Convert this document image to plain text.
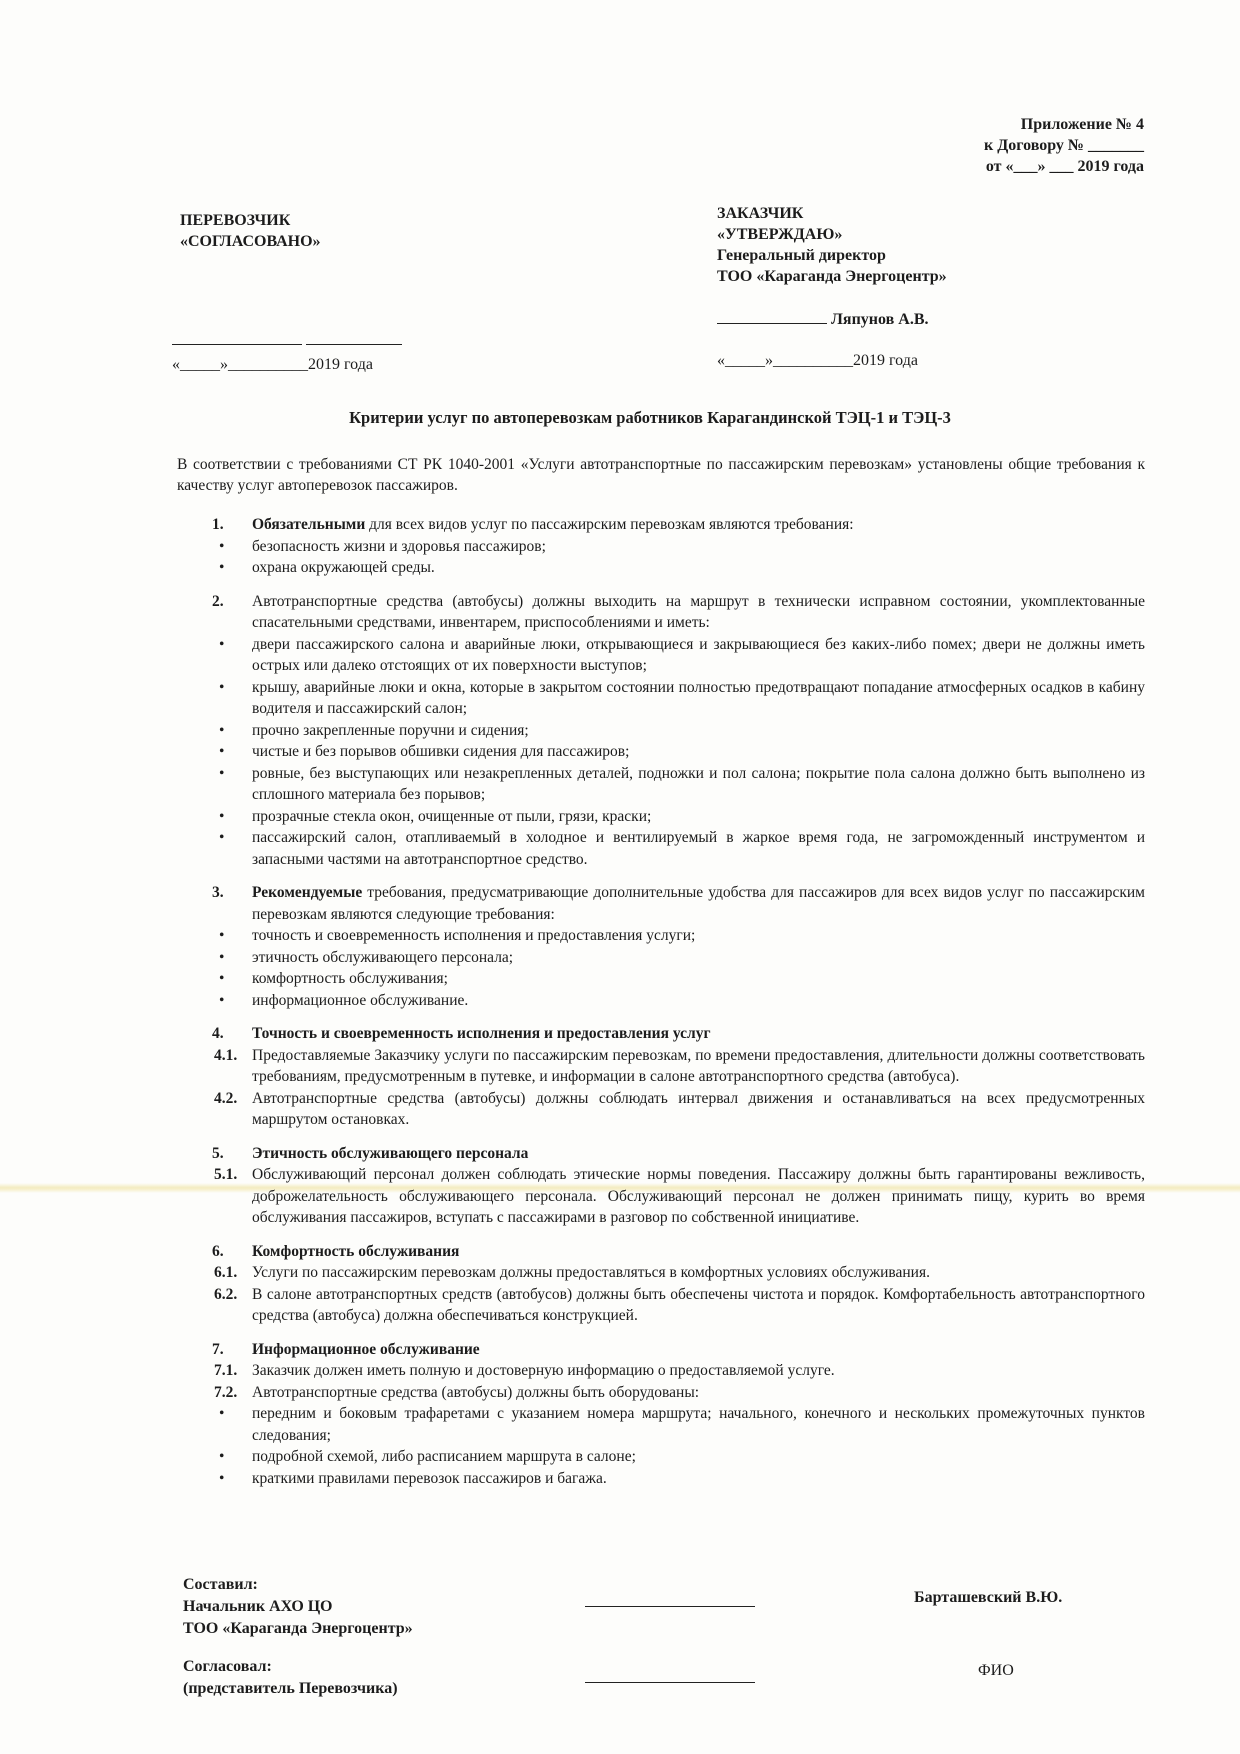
Приложение № 4
к Договору № _______
от «___» ___ 2019 года
ПЕРЕВОЗЧИК
«СОГЛАСОВАНО»

«_____»__________2019 года
ЗАКАЗЧИК
«УТВЕРЖДАЮ»
Генеральный директор
ТОО «Караганда Энергоцентр»
Ляпунов А.В.
«_____»__________2019 года
Критерии услуг по автоперевозкам работников Карагандинской ТЭЦ-1 и ТЭЦ-3
В соответствии с требованиями СТ РК 1040-2001 «Услуги автотранспортные по пассажирским перевозкам» установлены общие требования к качеству услуг автоперевозок пассажиров.
1. Обязательными для всех видов услуг по пассажирским перевозкам являются требования:
• безопасность жизни и здоровья пассажиров;
• охрана окружающей среды.
2. Автотранспортные средства (автобусы) должны выходить на маршрут в технически исправном состоянии, укомплектованные спасательными средствами, инвентарем, приспособлениями и иметь:
• двери пассажирского салона и аварийные люки, открывающиеся и закрывающиеся без каких-либо помех; двери не должны иметь острых или далеко отстоящих от их поверхности выступов;
• крышу, аварийные люки и окна, которые в закрытом состоянии полностью предотвращают попадание атмосферных осадков в кабину водителя и пассажирский салон;
• прочно закрепленные поручни и сидения;
• чистые и без порывов обшивки сидения для пассажиров;
• ровные, без выступающих или незакрепленных деталей, подножки и пол салона; покрытие пола салона должно быть выполнено из сплошного материала без порывов;
• прозрачные стекла окон, очищенные от пыли, грязи, краски;
• пассажирский салон, отапливаемый в холодное и вентилируемый в жаркое время года, не загроможденный инструментом и запасными частями на автотранспортное средство.
3. Рекомендуемые требования, предусматривающие дополнительные удобства для пассажиров для всех видов услуг по пассажирским перевозкам являются следующие требования:
• точность и своевременность исполнения и предоставления услуги;
• этичность обслуживающего персонала;
• комфортность обслуживания;
• информационное обслуживание.
4. Точность и своевременность исполнения и предоставления услуг
4.1. Предоставляемые Заказчику услуги по пассажирским перевозкам, по времени предоставления, длительности должны соответствовать требованиям, предусмотренным в путевке, и информации в салоне автотранспортного средства (автобуса).
4.2. Автотранспортные средства (автобусы) должны соблюдать интервал движения и останавливаться на всех предусмотренных маршрутом остановках.
5. Этичность обслуживающего персонала
5.1. Обслуживающий персонал должен соблюдать этические нормы поведения. Пассажиру должны быть гарантированы вежливость, доброжелательность обслуживающего персонала. Обслуживающий персонал не должен принимать пищу, курить во время обслуживания пассажиров, вступать с пассажирами в разговор по собственной инициативе.
6. Комфортность обслуживания
6.1. Услуги по пассажирским перевозкам должны предоставляться в комфортных условиях обслуживания.
6.2. В салоне автотранспортных средств (автобусов) должны быть обеспечены чистота и порядок. Комфортабельность автотранспортного средства (автобуса) должна обеспечиваться конструкцией.
7. Информационное обслуживание
7.1. Заказчик должен иметь полную и достоверную информацию о предоставляемой услуге.
7.2. Автотранспортные средства (автобусы) должны быть оборудованы:
• передним и боковым трафаретами с указанием номера маршрута; начального, конечного и нескольких промежуточных пунктов следования;
• подробной схемой, либо расписанием маршрута в салоне;
• краткими правилами перевозок пассажиров и багажа.
Составил:
Начальник АХО ЦО
ТОО «Караганда Энергоцентр»
Барташевский В.Ю.
Согласовал:
(представитель Перевозчика)
ФИО
